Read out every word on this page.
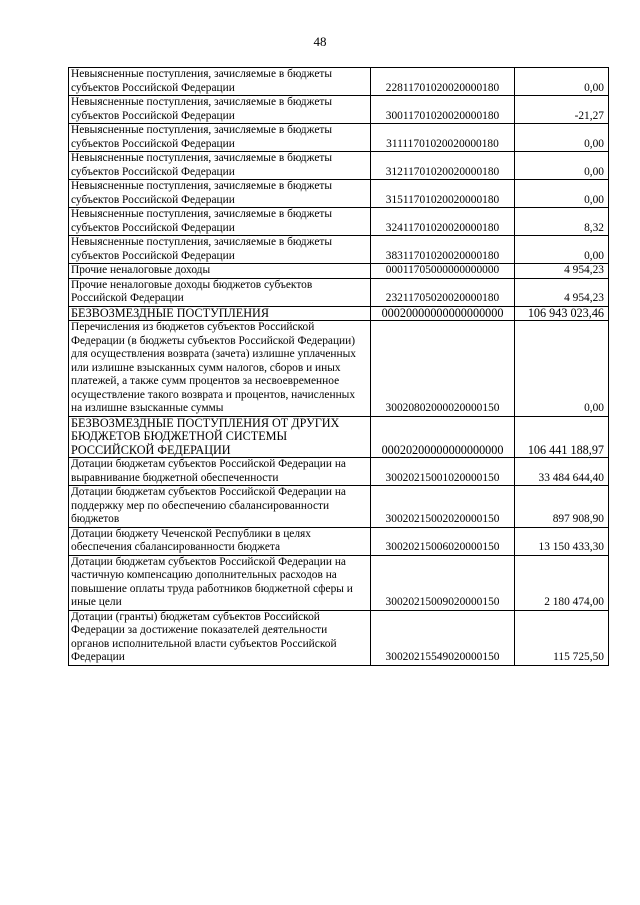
48
Невыясненные поступления, зачисляемые в бюджеты субъектов Российской Федерации	22811701020020000180	0,00
Невыясненные поступления, зачисляемые в бюджеты субъектов Российской Федерации	30011701020020000180	-21,27
Невыясненные поступления, зачисляемые в бюджеты субъектов Российской Федерации	31111701020020000180	0,00
Невыясненные поступления, зачисляемые в бюджеты субъектов Российской Федерации	31211701020020000180	0,00
Невыясненные поступления, зачисляемые в бюджеты субъектов Российской Федерации	31511701020020000180	0,00
Невыясненные поступления, зачисляемые в бюджеты субъектов Российской Федерации	32411701020020000180	8,32
Невыясненные поступления, зачисляемые в бюджеты субъектов Российской Федерации	38311701020020000180	0,00
Прочие неналоговые доходы	00011705000000000000	4 954,23
Прочие неналоговые доходы бюджетов субъектов Российской Федерации	23211705020020000180	4 954,23
БЕЗВОЗМЕЗДНЫЕ ПОСТУПЛЕНИЯ	00020000000000000000	106 943 023,46
Перечисления из бюджетов субъектов Российской Федерации (в бюджеты субъектов Российской Федерации) для осуществления возврата (зачета) излишне уплаченных или излишне взысканных сумм налогов, сборов и иных платежей, а также сумм процентов за несвоевременное осуществление такого возврата и процентов, начисленных на излишне взысканные суммы	30020802000020000150	0,00
БЕЗВОЗМЕЗДНЫЕ ПОСТУПЛЕНИЯ ОТ ДРУГИХ БЮДЖЕТОВ БЮДЖЕТНОЙ СИСТЕМЫ РОССИЙСКОЙ ФЕДЕРАЦИИ	00020200000000000000	106 441 188,97
Дотации бюджетам субъектов Российской Федерации на выравнивание бюджетной обеспеченности	30020215001020000150	33 484 644,40
Дотации бюджетам субъектов Российской Федерации на поддержку мер по обеспечению сбалансированности бюджетов	30020215002020000150	897 908,90
Дотации бюджету Чеченской Республики в целях обеспечения сбалансированности бюджета	30020215006020000150	13 150 433,30
Дотации бюджетам субъектов Российской Федерации на частичную компенсацию дополнительных расходов на повышение оплаты труда работников бюджетной сферы и иные цели	30020215009020000150	2 180 474,00
Дотации (гранты) бюджетам субъектов Российской Федерации за достижение показателей деятельности органов исполнительной власти субъектов Российской Федерации	30020215549020000150	115 725,50
